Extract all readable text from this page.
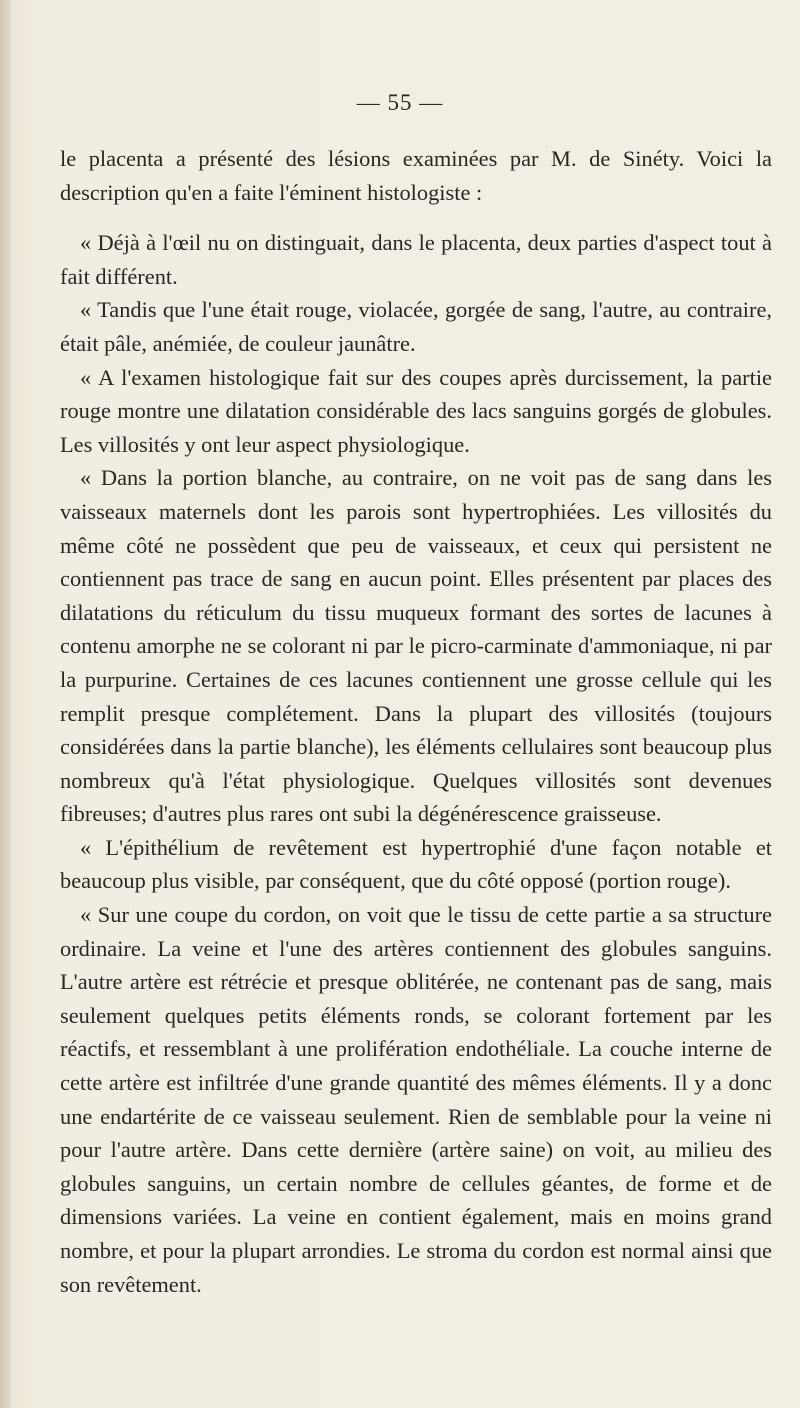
— 55 —

le placenta a présenté des lésions examinées par M. de Sinéty. Voici la description qu'en a faite l'éminent histologiste :

« Déjà à l'œil nu on distinguait, dans le placenta, deux parties d'aspect tout à fait différent.

« Tandis que l'une était rouge, violacée, gorgée de sang, l'autre, au contraire, était pâle, anémiée, de couleur jaunâtre.

« A l'examen histologique fait sur des coupes après durcissement, la partie rouge montre une dilatation considérable des lacs sanguins gorgés de globules. Les villosités y ont leur aspect physiologique.

« Dans la portion blanche, au contraire, on ne voit pas de sang dans les vaisseaux maternels dont les parois sont hypertrophiées. Les villosités du même côté ne possèdent que peu de vaisseaux, et ceux qui persistent ne contiennent pas trace de sang en aucun point. Elles présentent par places des dilatations du réticulum du tissu muqueux formant des sortes de lacunes à contenu amorphe ne se colorant ni par le picro-carminate d'ammoniaque, ni par la purpurine. Certaines de ces lacunes contiennent une grosse cellule qui les remplit presque complétement. Dans la plupart des villosités (toujours considérées dans la partie blanche), les éléments cellulaires sont beaucoup plus nombreux qu'à l'état physiologique. Quelques villosités sont devenues fibreuses; d'autres plus rares ont subi la dégénérescence graisseuse.

« L'épithélium de revêtement est hypertrophié d'une façon notable et beaucoup plus visible, par conséquent, que du côté opposé (portion rouge).

« Sur une coupe du cordon, on voit que le tissu de cette partie a sa structure ordinaire. La veine et l'une des artères contiennent des globules sanguins. L'autre artère est rétrécie et presque oblitérée, ne contenant pas de sang, mais seulement quelques petits éléments ronds, se colorant fortement par les réactifs, et ressemblant à une prolifération endothéliale. La couche interne de cette artère est infiltrée d'une grande quantité des mêmes éléments. Il y a donc une endartérite de ce vaisseau seulement. Rien de semblable pour la veine ni pour l'autre artère. Dans cette dernière (artère saine) on voit, au milieu des globules sanguins, un certain nombre de cellules géantes, de forme et de dimensions variées. La veine en contient également, mais en moins grand nombre, et pour la plupart arrondies. Le stroma du cordon est normal ainsi que son revêtement.
